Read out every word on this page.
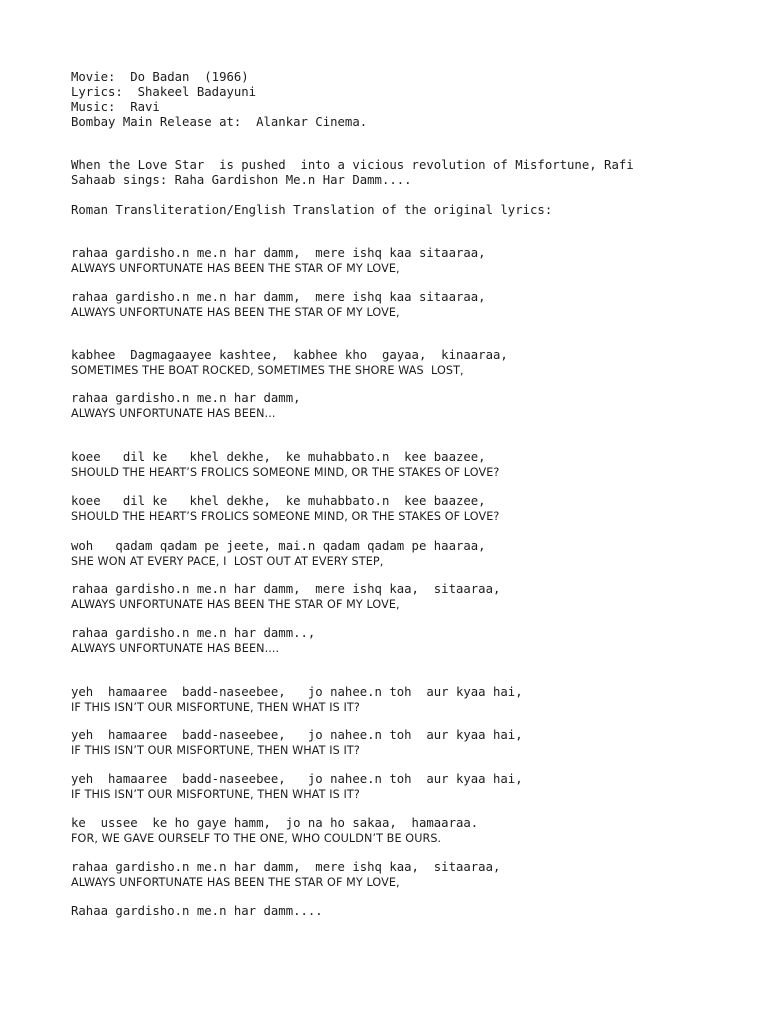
Movie:  Do Badan  (1966)
Lyrics:  Shakeel Badayuni
Music:  Ravi
Bombay Main Release at:  Alankar Cinema.
When the Love Star  is pushed  into a vicious revolution of Misfortune, Rafi
Sahaab sings: Raha Gardishon Me.n Har Damm....
Roman Transliteration/English Translation of the original lyrics:
rahaa gardisho.n me.n har damm,  mere ishq kaa sitaaraa,
ALWAYS UNFORTUNATE HAS BEEN THE STAR OF MY LOVE,
rahaa gardisho.n me.n har damm,  mere ishq kaa sitaaraa,
ALWAYS UNFORTUNATE HAS BEEN THE STAR OF MY LOVE,
kabhee  Dagmagaayee kashtee,  kabhee kho  gayaa,  kinaaraa,
SOMETIMES THE BOAT ROCKED, SOMETIMES THE SHORE WAS  LOST,
rahaa gardisho.n me.n har damm,
ALWAYS UNFORTUNATE HAS BEEN...
koee   dil ke   khel dekhe,  ke muhabbato.n  kee baazee,
SHOULD THE HEART’S FROLICS SOMEONE MIND, OR THE STAKES OF LOVE?
koee   dil ke   khel dekhe,  ke muhabbato.n  kee baazee,
SHOULD THE HEART’S FROLICS SOMEONE MIND, OR THE STAKES OF LOVE?
woh   qadam qadam pe jeete, mai.n qadam qadam pe haaraa,
SHE WON AT EVERY PACE, I  LOST OUT AT EVERY STEP,
rahaa gardisho.n me.n har damm,  mere ishq kaa,  sitaaraa,
ALWAYS UNFORTUNATE HAS BEEN THE STAR OF MY LOVE,
rahaa gardisho.n me.n har damm..,
ALWAYS UNFORTUNATE HAS BEEN....
yeh  hamaaree  badd-naseebee,   jo nahee.n toh  aur kyaa hai,
IF THIS ISN’T OUR MISFORTUNE, THEN WHAT IS IT?
yeh  hamaaree  badd-naseebee,   jo nahee.n toh  aur kyaa hai,
IF THIS ISN’T OUR MISFORTUNE, THEN WHAT IS IT?
yeh  hamaaree  badd-naseebee,   jo nahee.n toh  aur kyaa hai,
IF THIS ISN’T OUR MISFORTUNE, THEN WHAT IS IT?
ke  ussee  ke ho gaye hamm,  jo na ho sakaa,  hamaaraa.
FOR, WE GAVE OURSELF TO THE ONE, WHO COULDN’T BE OURS.
rahaa gardisho.n me.n har damm,  mere ishq kaa,  sitaaraa,
ALWAYS UNFORTUNATE HAS BEEN THE STAR OF MY LOVE,
Rahaa gardisho.n me.n har damm....
